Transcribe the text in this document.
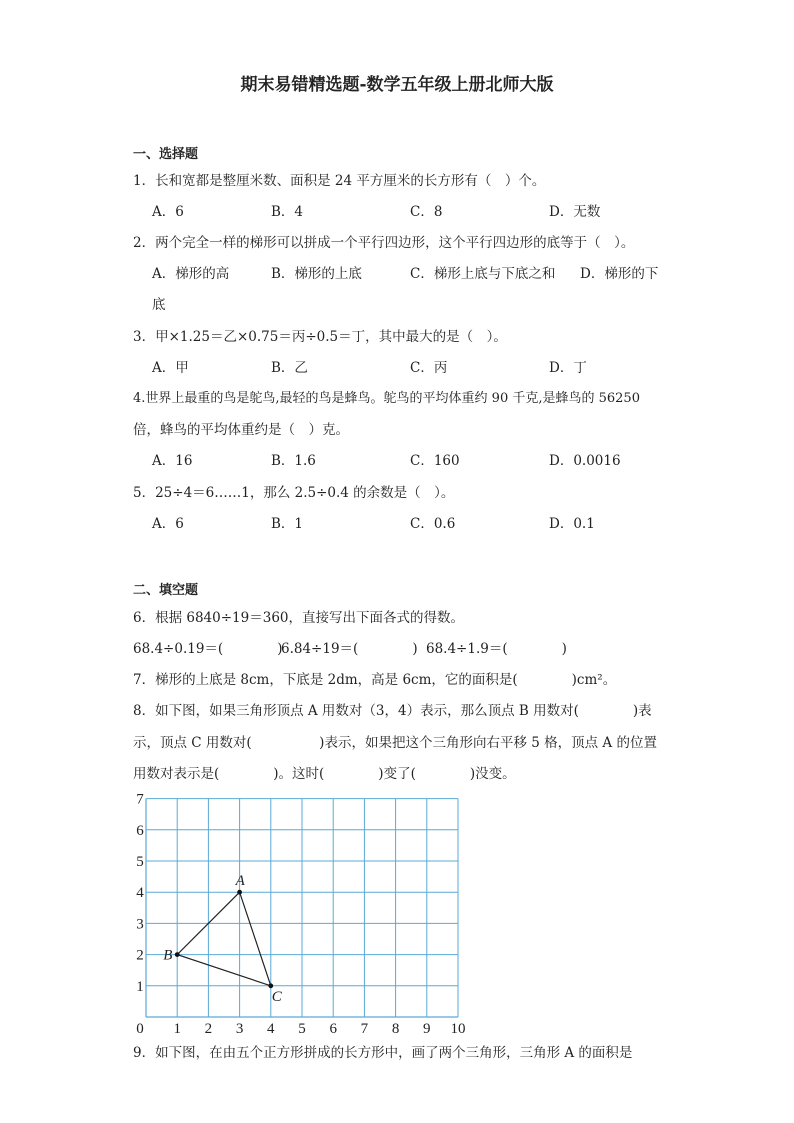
期末易错精选题-数学五年级上册北师大版
一、选择题
1．长和宽都是整厘米数、面积是 24 平方厘米的长方形有（　）个。
A．6	B．4	C．8	D．无数
2．两个完全一样的梯形可以拼成一个平行四边形，这个平行四边形的底等于（　）。
A．梯形的高	B．梯形的上底	C．梯形上底与下底之和 D．梯形的下
底
3．甲×1.25＝乙×0.75＝丙÷0.5＝丁，其中最大的是（　）。
A．甲	B．乙	C．丙	D．丁
4.世界上最重的鸟是鸵鸟,最轻的鸟是蜂鸟。鸵鸟的平均体重约 90 千克,是蜂鸟的 56250
倍，蜂鸟的平均体重约是（　）克。
A．16	B．1.6	C．160	D．0.0016
5．25÷4＝6……1，那么 2.5÷0.4 的余数是（　）。
A．6	B．1	C．0.6	D．0.1
二、填空题
6．根据 6840÷19＝360，直接写出下面各式的得数。
68.4÷0.19＝(　　　　)
6.84÷19＝(　　　　) 68.4÷1.9＝(　　　　)
7．梯形的上底是 8cm，下底是 2dm，高是 6cm，它的面积是(　　　　)cm²。
8．如下图，如果三角形顶点 A 用数对（3，4）表示，那么顶点 B 用数对(　　　　)表
示，顶点 C 用数对(　　　　　)表示，如果把这个三角形向右平移 5 格，顶点 A 的位置
用数对表示是(　　　　)。这时(　　　　)变了(　　　　)没变。
0 1 2 3 4 5 6 7 8 9 10
1
2
3
4
5
6
7
A
B
C
9．如下图，在由五个正方形拼成的长方形中，画了两个三角形，三角形 A 的面积是
